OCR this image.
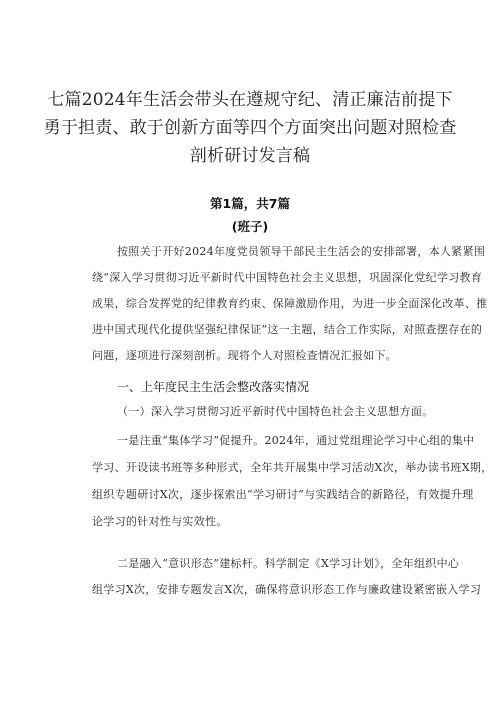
七篇2024年生活会带头在遵规守纪、清正廉洁前提下
勇于担责、敢于创新方面等四个方面突出问题对照检查
剖析研讨发言稿
第1篇，共7篇
(班子)
按照关于开好2024年度党员领导干部民主生活会的安排部署，本人紧紧围
绕“深入学习贯彻习近平新时代中国特色社会主义思想，巩固深化党纪学习教育
成果，综合发挥党的纪律教育约束、保障激励作用，为进一步全面深化改革、推
进中国式现代化提供坚强纪律保证”这一主题，结合工作实际，对照查摆存在的
问题，逐项进行深刻剖析。现将个人对照检查情况汇报如下。
一、上年度民主生活会整改落实情况
（一）深入学习贯彻习近平新时代中国特色社会主义思想方面。
一是注重“集体学习”促提升。2024年，通过党组理论学习中心组的集中
学习、开设读书班等多种形式，全年共开展集中学习活动X次，举办读书班X期，
组织专题研讨X次，逐步探索出“学习研讨”与实践结合的新路径，有效提升理
论学习的针对性与实效性。
二是融入“意识形态”建标杆。科学制定《X学习计划》，全年组织中心
组学习X次，安排专题发言X次，确保将意识形态工作与廉政建设紧密嵌入学习
